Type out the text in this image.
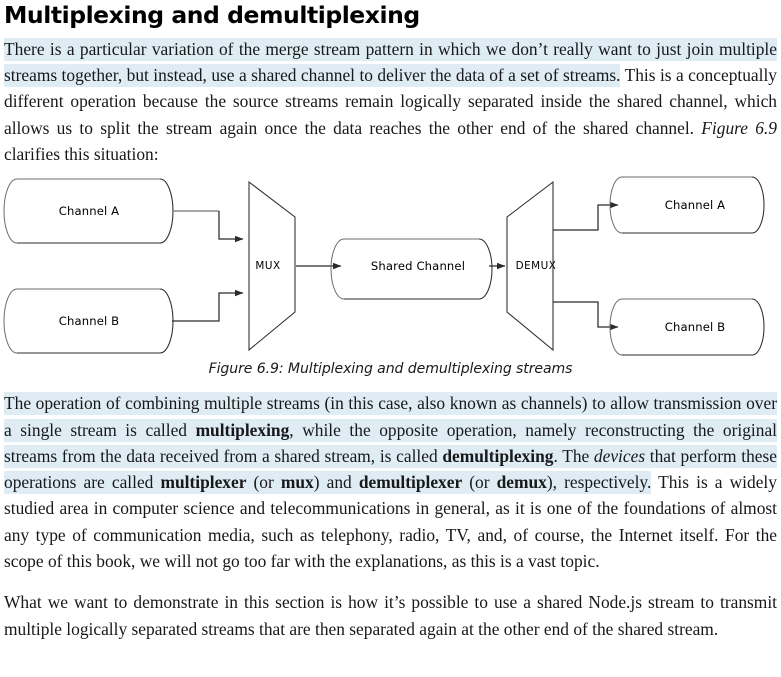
Multiplexing and demultiplexing

There is a particular variation of the merge stream pattern in which we don’t really want to just join multiple streams together, but instead, use a shared channel to deliver the data of a set of streams. This is a conceptually different operation because the source streams remain logically separated inside the shared channel, which allows us to split the stream again once the data reaches the other end of the shared channel. Figure 6.9 clarifies this situation:

Channel A
Channel B
MUX	Shared Channel	DEMUX
Channel A
Channel B
Figure 6.9: Multiplexing and demultiplexing streams

The operation of combining multiple streams (in this case, also known as channels) to allow transmission over a single stream is called multiplexing, while the opposite operation, namely reconstructing the original streams from the data received from a shared stream, is called demultiplexing. The devices that perform these operations are called multiplexer (or mux) and demultiplexer (or demux), respectively. This is a widely studied area in computer science and telecommunications in general, as it is one of the foundations of almost any type of communication media, such as telephony, radio, TV, and, of course, the Internet itself. For the scope of this book, we will not go too far with the explanations, as this is a vast topic.

What we want to demonstrate in this section is how it’s possible to use a shared Node.js stream to transmit multiple logically separated streams that are then separated again at the other end of the shared stream.
